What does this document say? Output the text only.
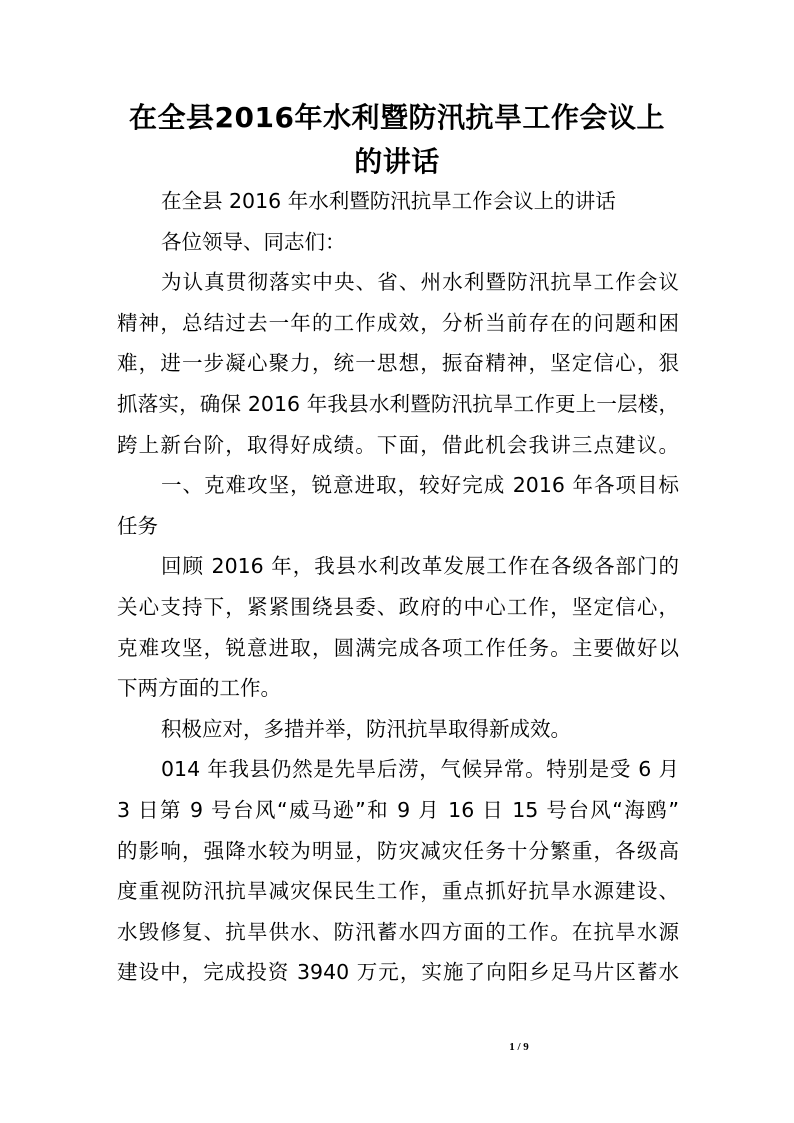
在全县2016年水利暨防汛抗旱工作会议上
的讲话
在全县 2016 年水利暨防汛抗旱工作会议上的讲话
各位领导、同志们：
为认真贯彻落实中央、省、州水利暨防汛抗旱工作会议
精神，总结过去一年的工作成效，分析当前存在的问题和困
难，进一步凝心聚力，统一思想，振奋精神，坚定信心，狠
抓落实，确保 2016 年我县水利暨防汛抗旱工作更上一层楼，
跨上新台阶，取得好成绩。下面，借此机会我讲三点建议。
一、克难攻坚，锐意进取，较好完成 2016 年各项目标
任务
回顾 2016 年，我县水利改革发展工作在各级各部门的
关心支持下，紧紧围绕县委、政府的中心工作，坚定信心，
克难攻坚，锐意进取，圆满完成各项工作任务。主要做好以
下两方面的工作。
积极应对，多措并举，防汛抗旱取得新成效。
014 年我县仍然是先旱后涝，气候异常。特别是受 6 月
3 日第 9 号台风“威马逊”和 9 月 16 日 15 号台风“海鸥”
的影响，强降水较为明显，防灾减灾任务十分繁重，各级高
度重视防汛抗旱减灾保民生工作，重点抓好抗旱水源建设、
水毁修复、抗旱供水、防汛蓄水四方面的工作。在抗旱水源
建设中，完成投资 3940 万元，实施了向阳乡足马片区蓄水
1 / 9
